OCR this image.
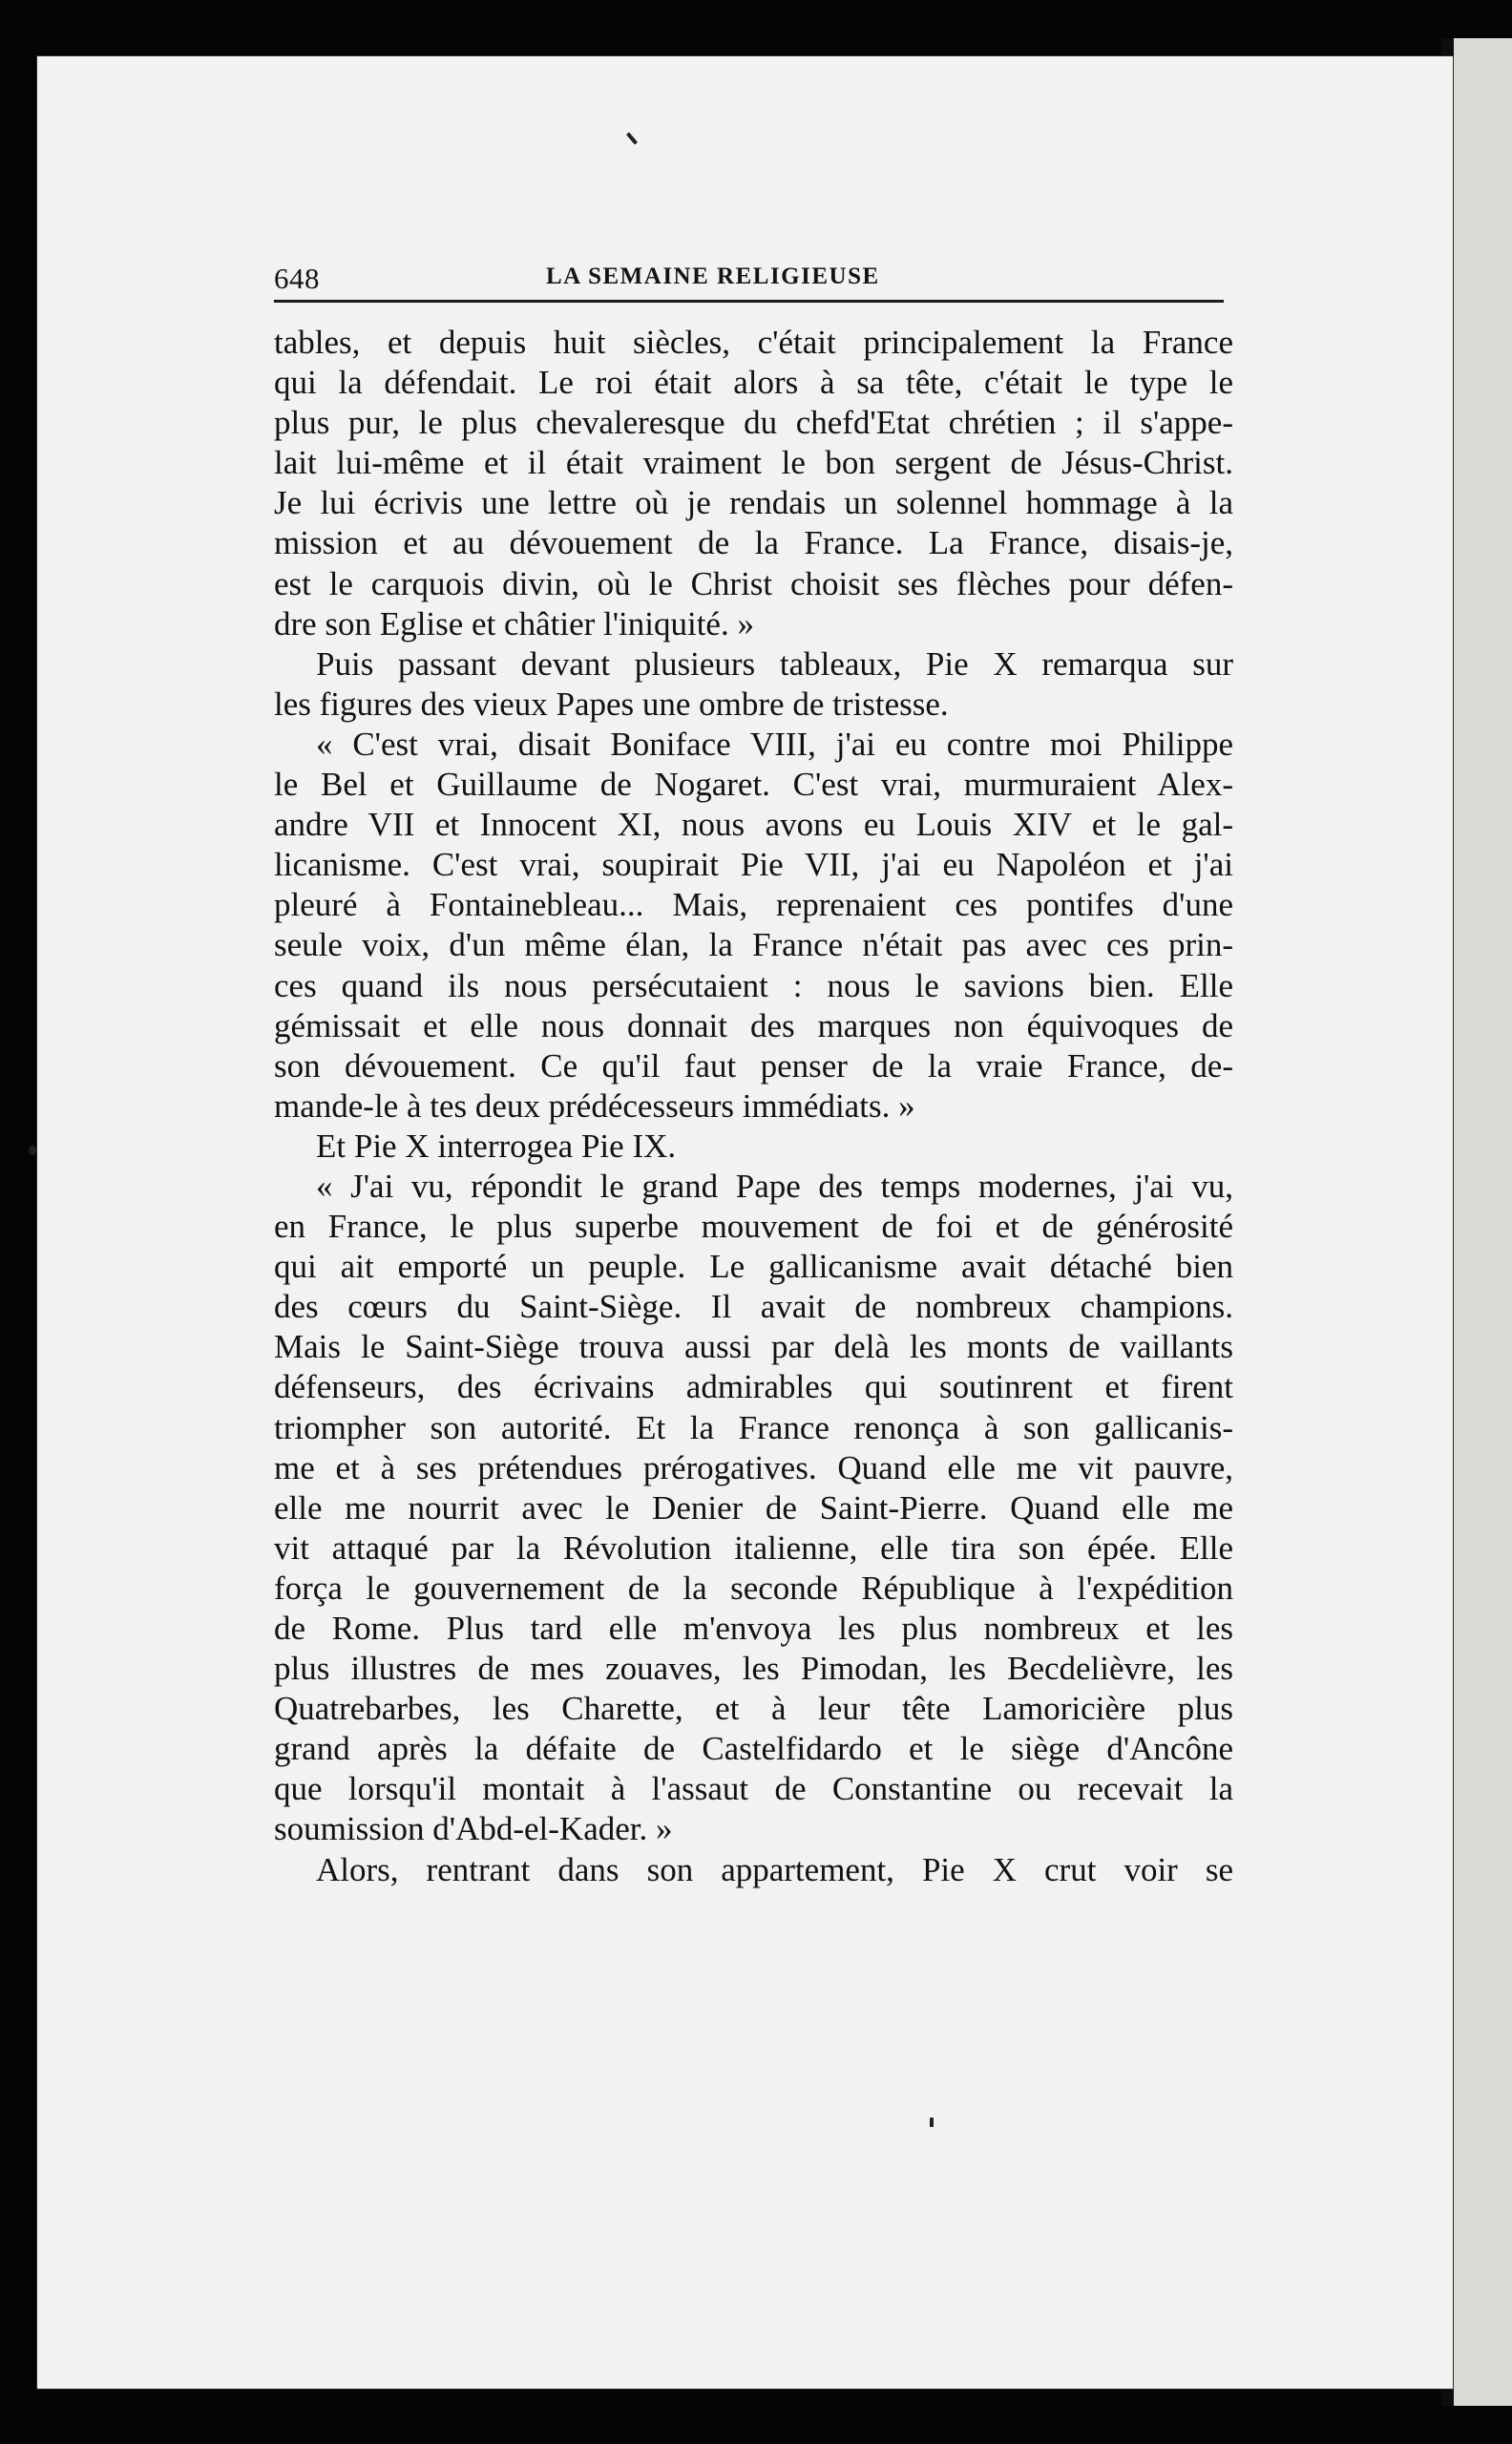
648	LA SEMAINE RELIGIEUSE
tables, et depuis huit siècles, c'était principalement la France
qui la défendait. Le roi était alors à sa tête, c'était le type le
plus pur, le plus chevaleresque du chefd'Etat chrétien ; il s'appe-
lait lui-même et il était vraiment le bon sergent de Jésus-Christ.
Je lui écrivis une lettre où je rendais un solennel hommage à la
mission et au dévouement de la France. La France, disais-je,
est le carquois divin, où le Christ choisit ses flèches pour défen-
dre son Eglise et châtier l'iniquité. »
Puis passant devant plusieurs tableaux, Pie X remarqua sur
les figures des vieux Papes une ombre de tristesse.
« C'est vrai, disait Boniface VIII, j'ai eu contre moi Philippe
le Bel et Guillaume de Nogaret. C'est vrai, murmuraient Alex-
andre VII et Innocent XI, nous avons eu Louis XIV et le gal-
licanisme. C'est vrai, soupirait Pie VII, j'ai eu Napoléon et j'ai
pleuré à Fontainebleau... Mais, reprenaient ces pontifes d'une
seule voix, d'un même élan, la France n'était pas avec ces prin-
ces quand ils nous persécutaient : nous le savions bien. Elle
gémissait et elle nous donnait des marques non équivoques de
son dévouement. Ce qu'il faut penser de la vraie France, de-
mande-le à tes deux prédécesseurs immédiats. »
Et Pie X interrogea Pie IX.
« J'ai vu, répondit le grand Pape des temps modernes, j'ai vu,
en France, le plus superbe mouvement de foi et de générosité
qui ait emporté un peuple. Le gallicanisme avait détaché bien
des cœurs du Saint-Siège. Il avait de nombreux champions.
Mais le Saint-Siège trouva aussi par delà les monts de vaillants
défenseurs, des écrivains admirables qui soutinrent et firent
triompher son autorité. Et la France renonça à son gallicanis-
me et à ses prétendues prérogatives. Quand elle me vit pauvre,
elle me nourrit avec le Denier de Saint-Pierre. Quand elle me
vit attaqué par la Révolution italienne, elle tira son épée. Elle
força le gouvernement de la seconde République à l'expédition
de Rome. Plus tard elle m'envoya les plus nombreux et les
plus illustres de mes zouaves, les Pimodan, les Becdelièvre, les
Quatrebarbes, les Charette, et à leur tête Lamoricière plus
grand après la défaite de Castelfidardo et le siège d'Ancône
que lorsqu'il montait à l'assaut de Constantine ou recevait la
soumission d'Abd-el-Kader. »
Alors, rentrant dans son appartement, Pie X crut voir se
